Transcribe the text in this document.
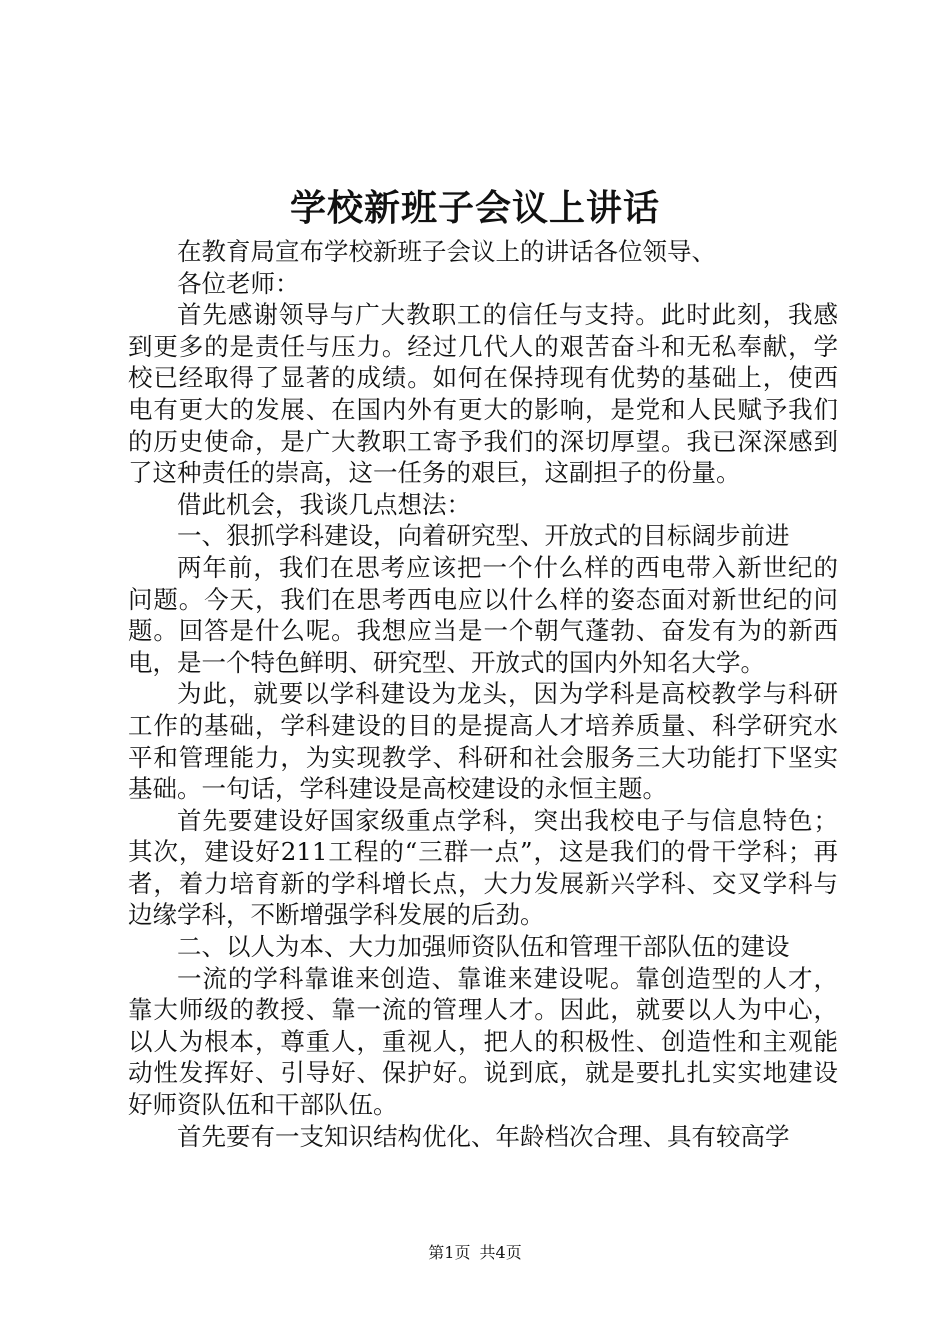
学校新班子会议上讲话

在教育局宣布学校新班子会议上的讲话各位领导、

各位老师：

首先感谢领导与广大教职工的信任与支持。此时此刻，我感到更多的是责任与压力。经过几代人的艰苦奋斗和无私奉献，学校已经取得了显著的成绩。如何在保持现有优势的基础上，使西电有更大的发展、在国内外有更大的影响，是党和人民赋予我们的历史使命，是广大教职工寄予我们的深切厚望。我已深深感到了这种责任的崇高，这一任务的艰巨，这副担子的份量。

借此机会，我谈几点想法：

一、狠抓学科建设，向着研究型、开放式的目标阔步前进

两年前，我们在思考应该把一个什么样的西电带入新世纪的问题。今天，我们在思考西电应以什么样的姿态面对新世纪的问题。回答是什么呢。我想应当是一个朝气蓬勃、奋发有为的新西电，是一个特色鲜明、研究型、开放式的国内外知名大学。

为此，就要以学科建设为龙头，因为学科是高校教学与科研工作的基础，学科建设的目的是提高人才培养质量、科学研究水平和管理能力，为实现教学、科研和社会服务三大功能打下坚实基础。一句话，学科建设是高校建设的永恒主题。

首先要建设好国家级重点学科，突出我校电子与信息特色；其次，建设好211工程的“三群一点”，这是我们的骨干学科；再者，着力培育新的学科增长点，大力发展新兴学科、交叉学科与边缘学科，不断增强学科发展的后劲。

二、以人为本、大力加强师资队伍和管理干部队伍的建设

一流的学科靠谁来创造、靠谁来建设呢。靠创造型的人才，靠大师级的教授、靠一流的管理人才。因此，就要以人为中心，以人为根本，尊重人，重视人，把人的积极性、创造性和主观能动性发挥好、引导好、保护好。说到底，就是要扎扎实实地建设好师资队伍和干部队伍。

首先要有一支知识结构优化、年龄档次合理、具有较高学

第1页 共4页
